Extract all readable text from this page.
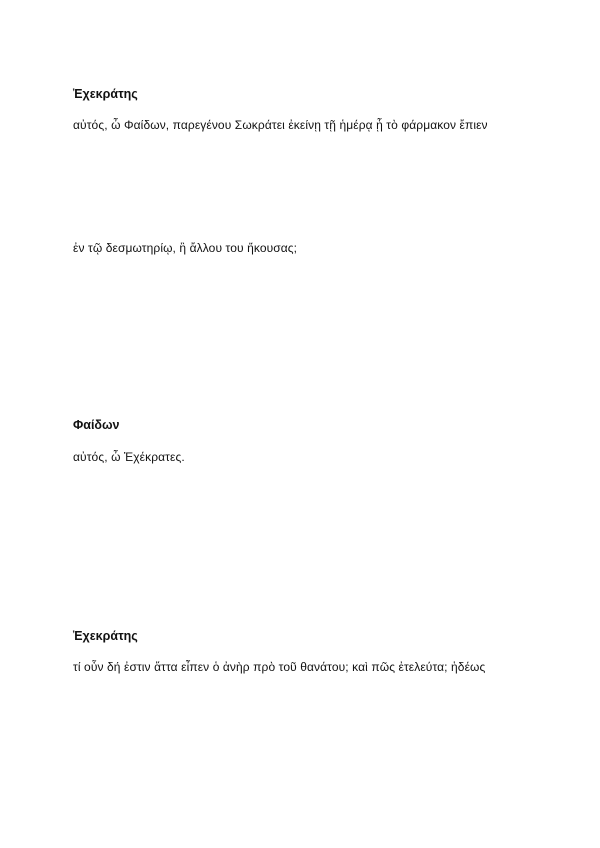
Ἐχεκράτης

αὐτός, ὦ Φαίδων, παρεγένου Σωκράτει ἐκείνῃ τῇ ἡμέρᾳ ᾗ τὸ φάρμακον ἔπιεν

ἐν τῷ δεσμωτηρίῳ, ἢ ἄλλου του ἤκουσας;

Φαίδων

αὐτός, ὦ Ἐχέκρατες.

Ἐχεκράτης

τί οὖν δή ἐστιν ἅττα εἶπεν ὁ ἀνὴρ πρὸ τοῦ θανάτου; καὶ πῶς ἐτελεύτα; ἡδέως
